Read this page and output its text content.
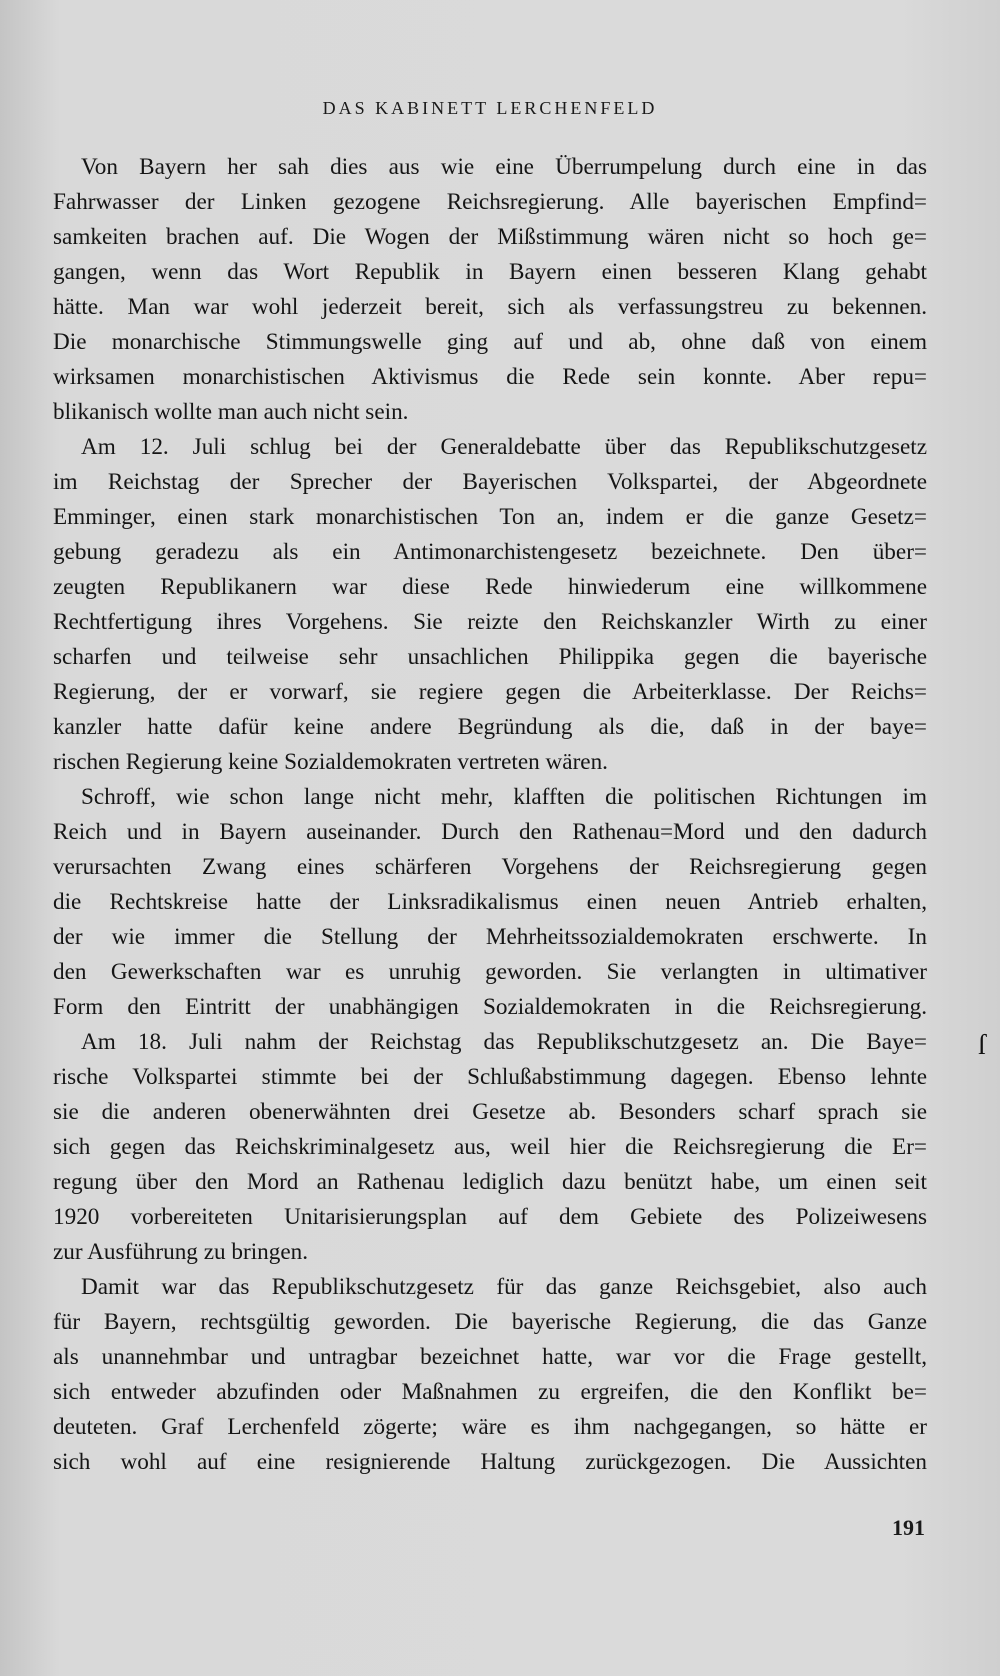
DAS KABINETT LERCHENFELD
Von Bayern her sah dies aus wie eine Überrumpelung durch eine in das
Fahrwasser der Linken gezogene Reichsregierung. Alle bayerischen Empfind=
samkeiten brachen auf. Die Wogen der Mißstimmung wären nicht so hoch ge=
gangen, wenn das Wort Republik in Bayern einen besseren Klang gehabt
hätte. Man war wohl jederzeit bereit, sich als verfassungstreu zu bekennen.
Die monarchische Stimmungswelle ging auf und ab, ohne daß von einem
wirksamen monarchistischen Aktivismus die Rede sein konnte. Aber repu=
blikanisch wollte man auch nicht sein.
Am 12. Juli schlug bei der Generaldebatte über das Republikschutzgesetz
im Reichstag der Sprecher der Bayerischen Volkspartei, der Abgeordnete
Emminger, einen stark monarchistischen Ton an, indem er die ganze Gesetz=
gebung geradezu als ein Antimonarchistengesetz bezeichnete. Den über=
zeugten Republikanern war diese Rede hinwiederum eine willkommene
Rechtfertigung ihres Vorgehens. Sie reizte den Reichskanzler Wirth zu einer
scharfen und teilweise sehr unsachlichen Philippika gegen die bayerische
Regierung, der er vorwarf, sie regiere gegen die Arbeiterklasse. Der Reichs=
kanzler hatte dafür keine andere Begründung als die, daß in der baye=
rischen Regierung keine Sozialdemokraten vertreten wären.
Schroff, wie schon lange nicht mehr, klafften die politischen Richtungen im
Reich und in Bayern auseinander. Durch den Rathenau=Mord und den dadurch
verursachten Zwang eines schärferen Vorgehens der Reichsregierung gegen
die Rechtskreise hatte der Linksradikalismus einen neuen Antrieb erhalten,
der wie immer die Stellung der Mehrheitssozialdemokraten erschwerte. In
den Gewerkschaften war es unruhig geworden. Sie verlangten in ultimativer
Form den Eintritt der unabhängigen Sozialdemokraten in die Reichsregierung.
Am 18. Juli nahm der Reichstag das Republikschutzgesetz an. Die Baye=
rische Volkspartei stimmte bei der Schlußabstimmung dagegen. Ebenso lehnte
sie die anderen obenerwähnten drei Gesetze ab. Besonders scharf sprach sie
sich gegen das Reichskriminalgesetz aus, weil hier die Reichsregierung die Er=
regung über den Mord an Rathenau lediglich dazu benützt habe, um einen seit
1920 vorbereiteten Unitarisierungsplan auf dem Gebiete des Polizeiwesens
zur Ausführung zu bringen.
Damit war das Republikschutzgesetz für das ganze Reichsgebiet, also auch
für Bayern, rechtsgültig geworden. Die bayerische Regierung, die das Ganze
als unannehmbar und untragbar bezeichnet hatte, war vor die Frage gestellt,
sich entweder abzufinden oder Maßnahmen zu ergreifen, die den Konflikt be=
deuteten. Graf Lerchenfeld zögerte; wäre es ihm nachgegangen, so hätte er
sich wohl auf eine resignierende Haltung zurückgezogen. Die Aussichten
ſ
191
